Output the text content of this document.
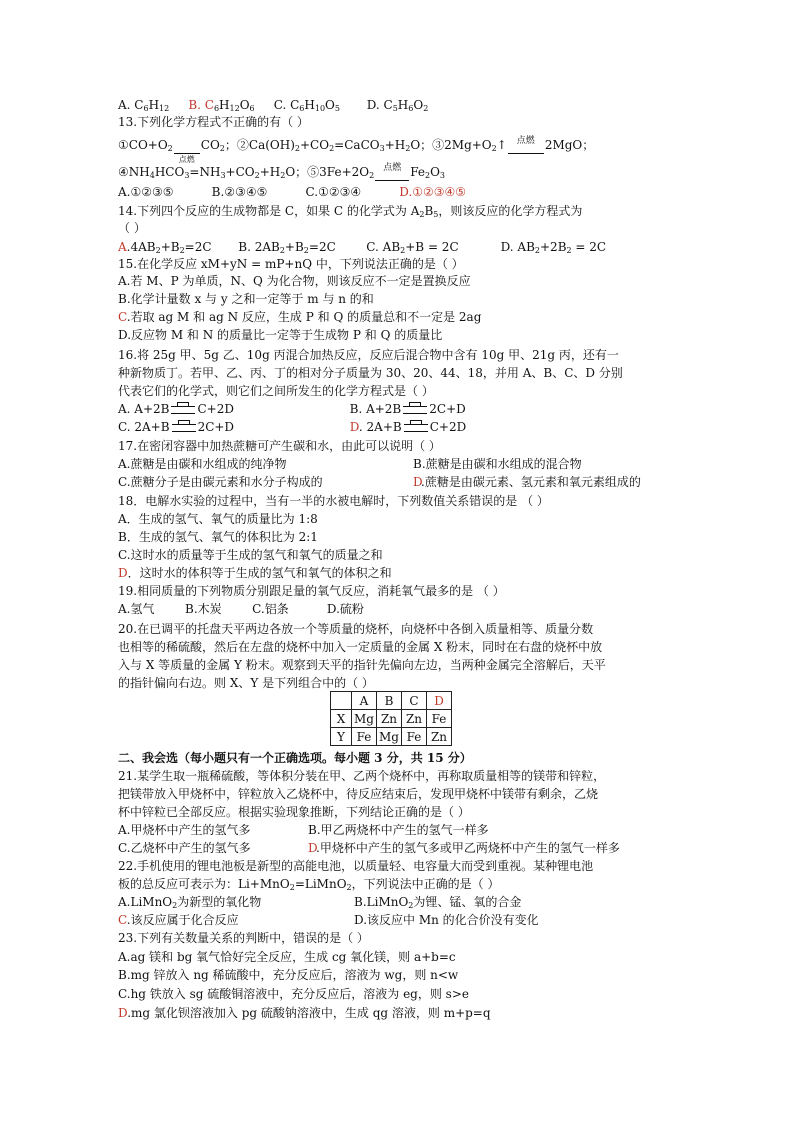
A. $C_6H_{12}$ B. $C_6H_{12}O_6$ C. $C_6H_{10}O_5$ D. $C_5H_6O_2$
13.下列化学方程式不正确的有（ ）
$①CO+O_2$
点燃
$CO_2$；$②Ca(OH)_2+CO_2=CaCO_3+H_2O$；$③2Mg+O_2↑$ 点燃 2MgO；
$④NH_4HCO_3=NH_3+CO_2+H_2O$；$⑤3Fe+2O_2$点燃 $Fe_2O_3$
A.①②③⑤	B.②③④⑤	C.①②③④	D.①②③④⑤
14.下列四个反应的生成物都是 C，如果 C 的化学式为 $A_2B_5$，则该反应的化学方程式为
（ ）
$A.4AB_2+B_2=2C$ B. $2AB_2+B_2=2C$	C. $AB_2+B = 2C$	D. $AB_2+2B_2 = 2C$
15.在化学反应 xM+yN = mP+nQ 中，下列说法正确的是（ ）
A.若 M、P 为单质，N、Q 为化合物，则该反应不一定是置换反应
B.化学计量数 x 与 y 之和一定等于 m 与 n 的和
C.若取 ag M 和 ag N 反应，生成 P 和 Q 的质量总和不一定是 2ag
D.反应物 M 和 N 的质量比一定等于生成物 P 和 Q 的质量比
16.将 25g 甲、5g 乙、10g 丙混合加热反应，反应后混合物中含有 10g 甲、21g 丙，还有一
种新物质丁。若甲、乙、丙、丁的相对分子质量为 30、20、44、18，并用 A、B、C、D 分别
代表它们的化学式，则它们之间所发生的化学方程式是（ ）
A. A+2B C+2D	B. A+2B 2C+D
C. 2A+B 2C+D	D. 2A+B C+2D
17.在密闭容器中加热蔗糖可产生碳和水，由此可以说明（ ）
A.蔗糖是由碳和水组成的纯净物	B.蔗糖是由碳和水组成的混合物
C.蔗糖分子是由碳元素和水分子构成的	D
.蔗糖是由碳元素、氢元素和氧元素组成的
18．电解水实验的过程中，当有一半的水被电解时，下列数值关系错误的是 （ ）
A．生成的氢气、氧气的质量比为 1:8
B．生成的氢气、氧气的体积比为 2:1
C.这时水的质量等于生成的氢气和氧气的质量之和
D．这时水的体积等于生成的氢气和氧气的体积之和
19.相同质量的下列物质分别跟足量的氧气反应，消耗氧气最多的是 （ ）
A.氢气	B.木炭	C.铝条	D.硫粉
20.在已调平的托盘天平两边各放一个等质量的烧杯，向烧杯中各倒入质量相等、质量分数
也相等的稀硫酸，然后在左盘的烧杯中加入一定质量的金属 X 粉末，同时在右盘的烧杯中放
入与 X 等质量的金属 Y 粉末。观察到天平的指针先偏向左边，当两种金属完全溶解后，天平
的指针偏向右边。则 X、Y 是下列组合中的（ ）
	A	B	C	D
X	Mg	Zn	Zn	Fe
Y	Fe	Mg	Fe	Zn
二、我会选（每小题只有一个正确选项。每小题 3 分，共 15 分）
21.某学生取一瓶稀硫酸，等体积分装在甲、乙两个烧杯中，再称取质量相等的镁带和锌粒，
把镁带放入甲烧杯中，锌粒放入乙烧杯中，待反应结束后，发现甲烧杯中镁带有剩余，乙烧
杯中锌粒已全部反应。根据实验现象推断，下列结论正确的是（ ）
A.甲烧杯中产生的氢气多	B.甲乙两烧杯中产生的氢气一样多
C.乙烧杯中产生的氢气多	D
.甲烧杯中产生的氢气多或甲乙两烧杯中产生的氢气一样多
22.手机使用的锂电池板是新型的高能电池，以质量轻、电容量大而受到重视。某种锂电池
板的总反应可表示为：Li+MnO$_2$=LiMnO$_2$，下列说法中正确的是（ ）
A.LiMnO$_2$为新型的氧化物	B.LiMnO$_2$为锂、锰、氧的合金
C.该反应属于化合反应	D.该反应中 Mn 的化合价没有变化
23.下列有关数量关系的判断中，错误的是（ ）
A.ag 镁和 bg 氧气恰好完全反应，生成 cg 氧化镁，则 a+b=c
B.mg 锌放入 ng 稀硫酸中，充分反应后，溶液为 wg，则 n<w
C.hg 铁放入 sg 硫酸铜溶液中，充分反应后，溶液为 eg，则 s>e
D.mg 氯化钡溶液加入 pg 硫酸钠溶液中，生成 qg 溶液，则 m+p=q
